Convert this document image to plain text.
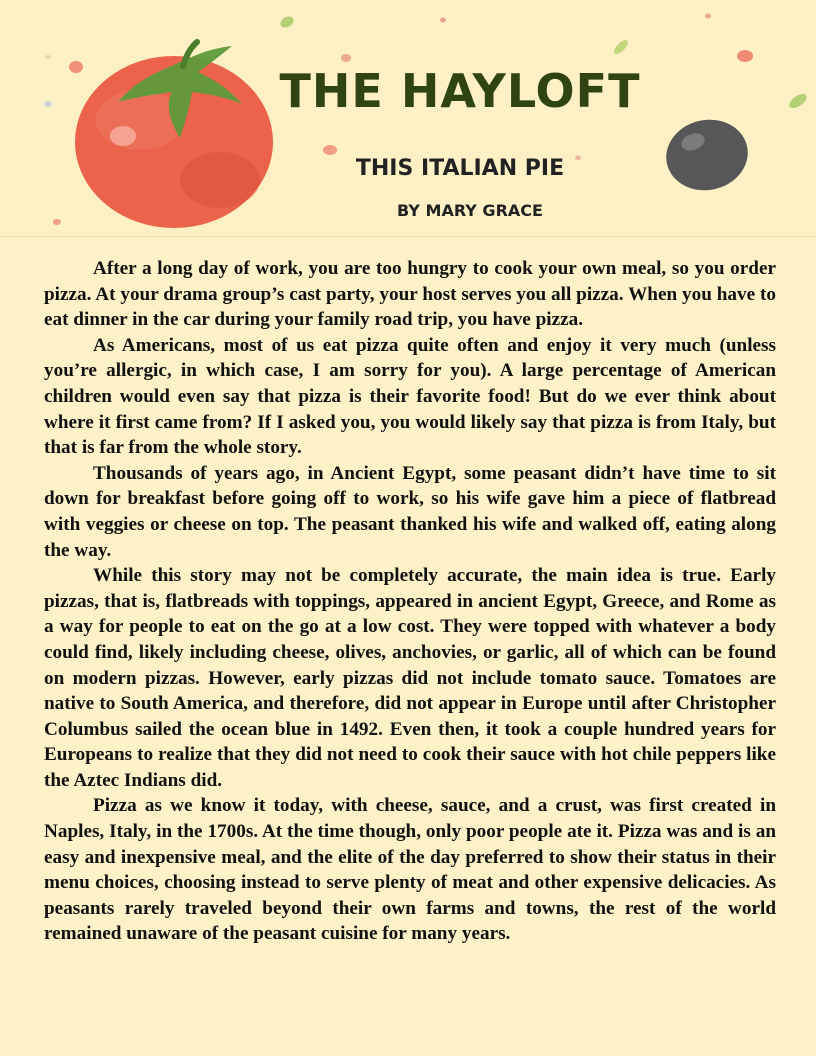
THE HAYLOFT
THIS ITALIAN PIE
BY MARY GRACE

After a long day of work, you are too hungry to cook your own meal, so you order pizza. At your drama group’s cast party, your host serves you all pizza. When you have to eat dinner in the car during your family road trip, you have pizza.

As Americans, most of us eat pizza quite often and enjoy it very much (unless you’re allergic, in which case, I am sorry for you). A large percentage of American children would even say that pizza is their favorite food! But do we ever think about where it first came from? If I asked you, you would likely say that pizza is from Italy, but that is far from the whole story.

Thousands of years ago, in Ancient Egypt, some peasant didn’t have time to sit down for breakfast before going off to work, so his wife gave him a piece of flatbread with veggies or cheese on top. The peasant thanked his wife and walked off, eating along the way.

While this story may not be completely accurate, the main idea is true. Early pizzas, that is, flatbreads with toppings, appeared in ancient Egypt, Greece, and Rome as a way for people to eat on the go at a low cost. They were topped with whatever a body could find, likely including cheese, olives, anchovies, or garlic, all of which can be found on modern pizzas. However, early pizzas did not include tomato sauce. Tomatoes are native to South America, and therefore, did not appear in Europe until after Christopher Columbus sailed the ocean blue in 1492. Even then, it took a couple hundred years for Europeans to realize that they did not need to cook their sauce with hot chile peppers like the Aztec Indians did.

Pizza as we know it today, with cheese, sauce, and a crust, was first created in Naples, Italy, in the 1700s. At the time though, only poor people ate it. Pizza was and is an easy and inexpensive meal, and the elite of the day preferred to show their status in their menu choices, choosing instead to serve plenty of meat and other expensive delicacies. As peasants rarely traveled beyond their own farms and towns, the rest of the world remained unaware of the peasant cuisine for many years.
